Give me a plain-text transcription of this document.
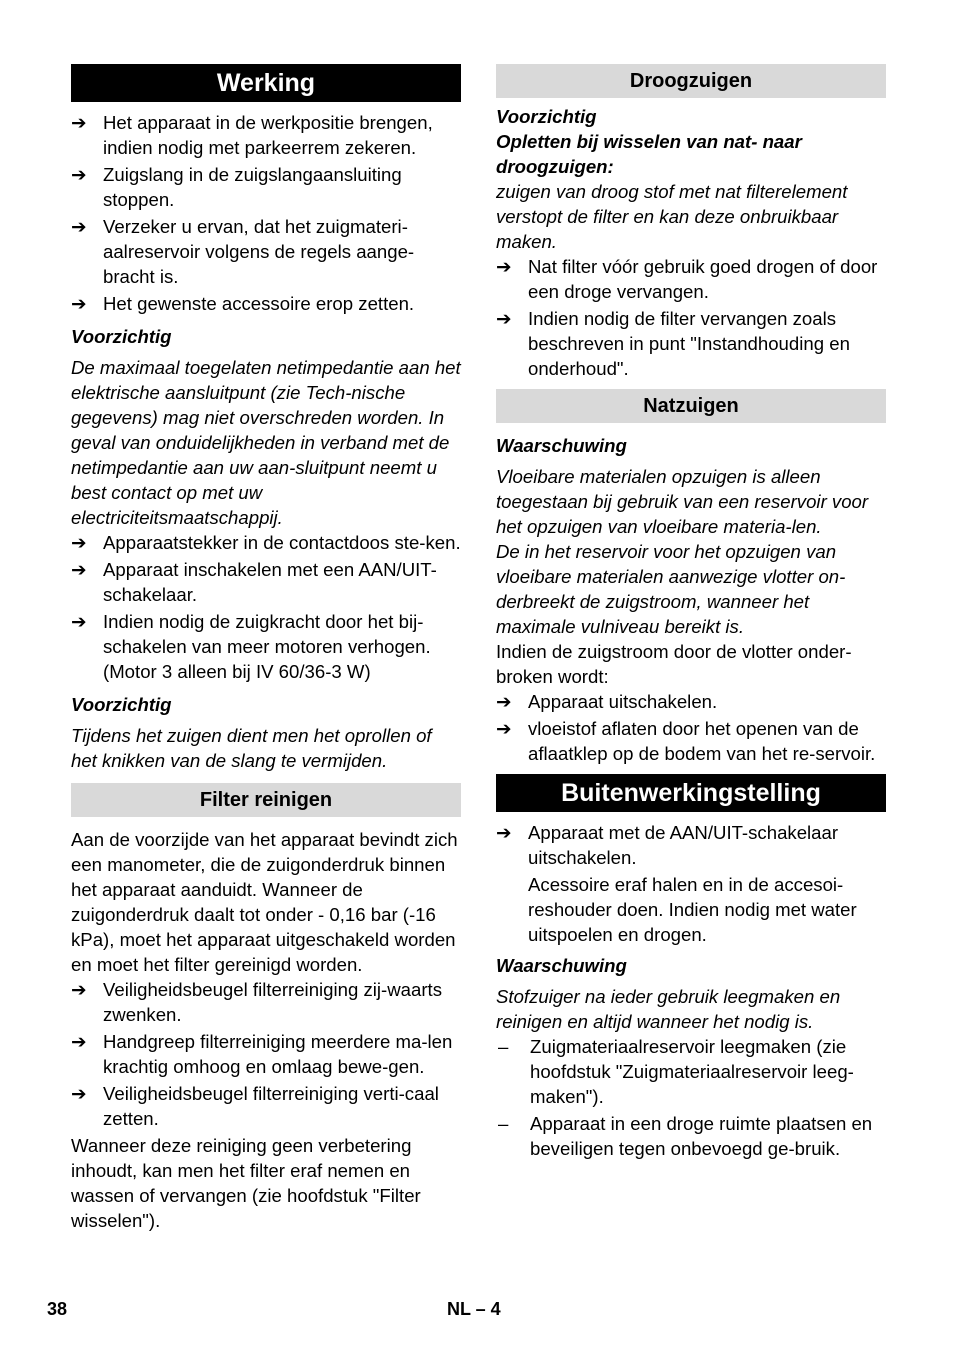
Werking
➔ Het apparaat in de werkpositie brengen, indien nodig met parkeerrem zekeren.
➔ Zuigslang in de zuigslangaansluiting stoppen.
➔ Verzeker u ervan, dat het zuigmateri-aalreservoir volgens de regels aange-bracht is.
➔ Het gewenste accessoire erop zetten.

Voorzichtig

De maximaal toegelaten netimpedantie aan het elektrische aansluitpunt (zie Tech-nische gegevens) mag niet overschreden worden. In geval van onduidelijkheden in verband met de netimpedantie aan uw aan-sluitpunt neemt u best contact op met uw electriciteitsmaatschappij.

➔ Apparaatstekker in de contactdoos ste-ken.
➔ Apparaat inschakelen met een AAN/UIT-schakelaar.
➔ Indien nodig de zuigkracht door het bij-schakelen van meer motoren verhogen. (Motor 3 alleen bij IV 60/36-3 W)

Voorzichtig

Tijdens het zuigen dient men het oprollen of het knikken van de slang te vermijden.

Filter reinigen

Aan de voorzijde van het apparaat bevindt zich een manometer, die de zuigonderdruk binnen het apparaat aanduidt. Wanneer de zuigonderdruk daalt tot onder - 0,16 bar (-16 kPa), moet het apparaat uitgeschakeld worden en moet het filter gereinigd worden.

➔ Veiligheidsbeugel filterreiniging zij-waarts zwenken.
➔ Handgreep filterreiniging meerdere ma-len krachtig omhoog en omlaag bewe-gen.
➔ Veiligheidsbeugel filterreiniging verti-caal zetten.

Wanneer deze reiniging geen verbetering inhoudt, kan men het filter eraf nemen en wassen of vervangen (zie hoofdstuk "Filter wisselen").

Droogzuigen

Voorzichtig

Opletten bij wisselen van nat- naar droogzuigen:

zuigen van droog stof met nat filterelement verstopt de filter en kan deze onbruikbaar maken.

➔ Nat filter vóór gebruik goed drogen of door een droge vervangen.
➔ Indien nodig de filter vervangen zoals beschreven in punt "Instandhouding en onderhoud".
Natzuigen

Waarschuwing

Vloeibare materialen opzuigen is alleen toegestaan bij gebruik van een reservoir voor het opzuigen van vloeibare materia-len.

De in het reservoir voor het opzuigen van vloeibare materialen aanwezige vlotter on-derbreekt de zuigstroom, wanneer het maximale vulniveau bereikt is.

Indien de zuigstroom door de vlotter onder-broken wordt:

➔ Apparaat uitschakelen.
➔ vloeistof aflaten door het openen van de aflaatklep op de bodem van het re-servoir.
Buitenwerkingstelling
➔ Apparaat met de AAN/UIT-schakelaar uitschakelen.

Acessoire eraf halen en in de accesoi-reshouder doen. Indien nodig met water uitspoelen en drogen.

Waarschuwing

Stofzuiger na ieder gebruik leegmaken en reinigen en altijd wanneer het nodig is.

–	Zuigmateriaalreservoir leegmaken (zie hoofdstuk "Zuigmateriaalreservoir leeg-maken").
–	Apparaat in een droge ruimte plaatsen en beveiligen tegen onbevoegd ge-bruik.
38	NL – 4
